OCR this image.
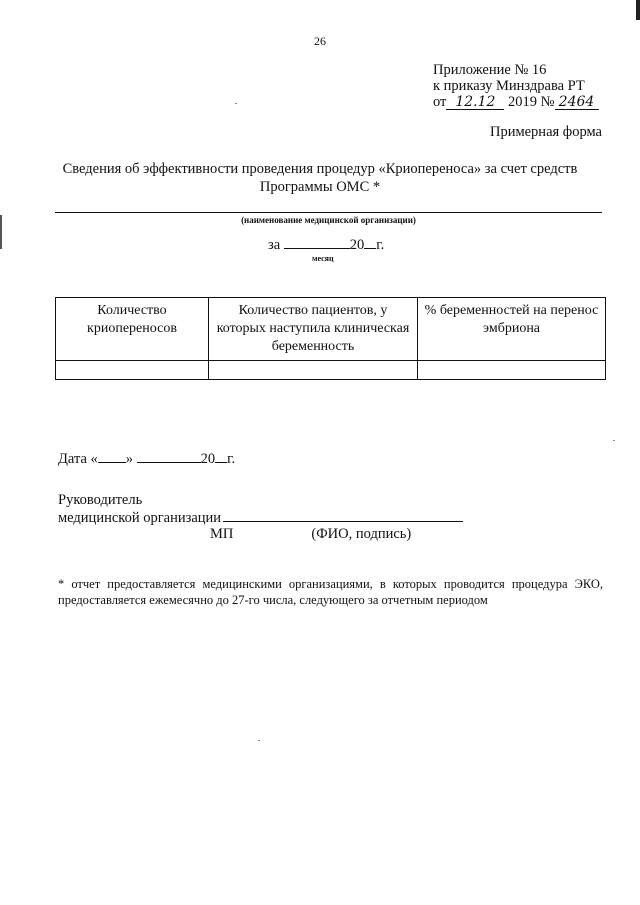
26
Приложение № 16
к приказу Минздрава РТ
от 12.12 2019 № 2464
Примерная форма
Сведения об эффективности проведения процедур «Криопереноса» за счет средств
Программы ОМС *
(наименование медицинской организации)
за	20 г.
месяц
Количество криопереносов	Количество пациентов, у которых наступила клиническая беременность	% беременностей на перенос эмбриона

Дата « »	20 г.
Руководитель
медицинской организации
МП	(ФИО, подпись)
* отчет предоставляется медицинскими организациями, в которых проводится процедура ЭКО, предоставляется ежемесячно до 27-го числа, следующего за отчетным периодом
